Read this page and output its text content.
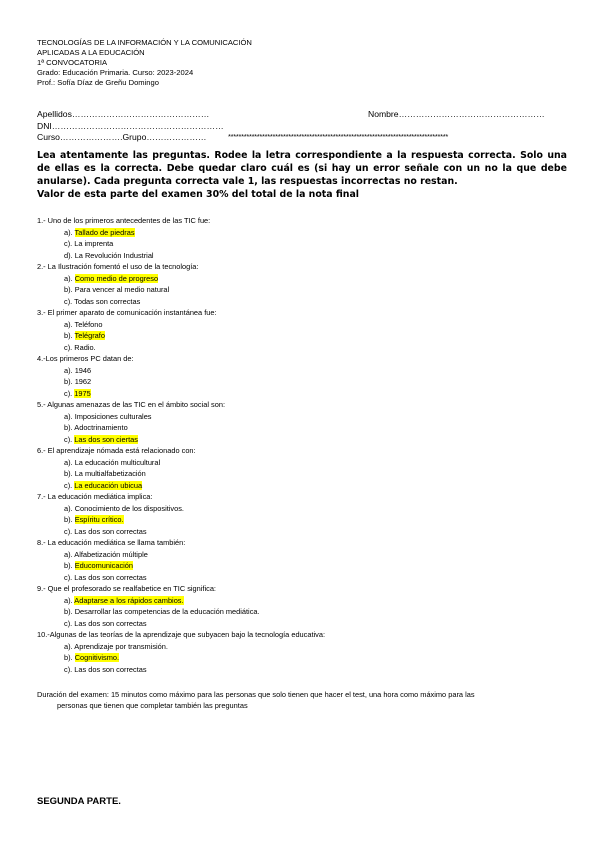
TECNOLOGÍAS DE LA INFORMACIÓN Y LA COMUNICACIÓN
APLICADAS A LA EDUCACIÓN
1ª CONVOCATORIA
Grado: Educación Primaria. Curso: 2023-2024
Prof.: Sofía Díaz de Greñu Domingo
Apellidos…………………………………………	Nombre……………………………………………
DNI……………………………………………………
Curso………………….Grupo…………………	************************************************************************************
Lea atentamente las preguntas. Rodee la letra correspondiente a la respuesta correcta. Solo una de ellas es la correcta. Debe quedar claro cuál es (si hay un error señale con un no la que debe anularse). Cada pregunta correcta vale 1, las respuestas incorrectas no restan.
Valor de esta parte del examen 30% del total de la nota final
1.- Uno de los primeros antecedentes de las TIC fue:
a). Tallado de piedras
c). La imprenta
d). La Revolución Industrial
2.- La Ilustración fomentó el uso de la tecnología:
a). Como medio de progreso
b). Para vencer al medio natural
c). Todas son correctas
3.- El primer aparato de comunicación instantánea fue:
a). Teléfono
b). Telégrafo
c). Radio.
4.-Los primeros PC datan de:
a). 1946
b). 1962
c). 1975
5.- Algunas amenazas de las TIC en el ámbito social son:
a). Imposiciones culturales
b). Adoctrinamiento
c). Las dos son ciertas
6.- El aprendizaje nómada está relacionado con:
a). La educación multicultural
b). La multialfabetización
c). La educación ubicua
7.- La educación mediática implica:
a). Conocimiento de los dispositivos.
b). Espíritu crítico.
c). Las dos son correctas
8.- La educación mediática se llama también:
a). Alfabetización múltiple
b). Educomunicación
c). Las dos son correctas
9.- Que el profesorado se realfabetice en TIC significa:
a). Adaptarse a los rápidos cambios.
b). Desarrollar las competencias de la educación mediática.
c). Las dos son correctas
10.-Algunas de las teorías de la aprendizaje que subyacen bajo la tecnología educativa:
a). Aprendizaje por transmisión.
b). Cognitivismo.
c). Las dos son correctas
Duración del examen: 15 minutos como máximo para las personas que solo tienen que hacer el test, una hora como máximo para las
personas que tienen que completar también las preguntas
SEGUNDA PARTE.
